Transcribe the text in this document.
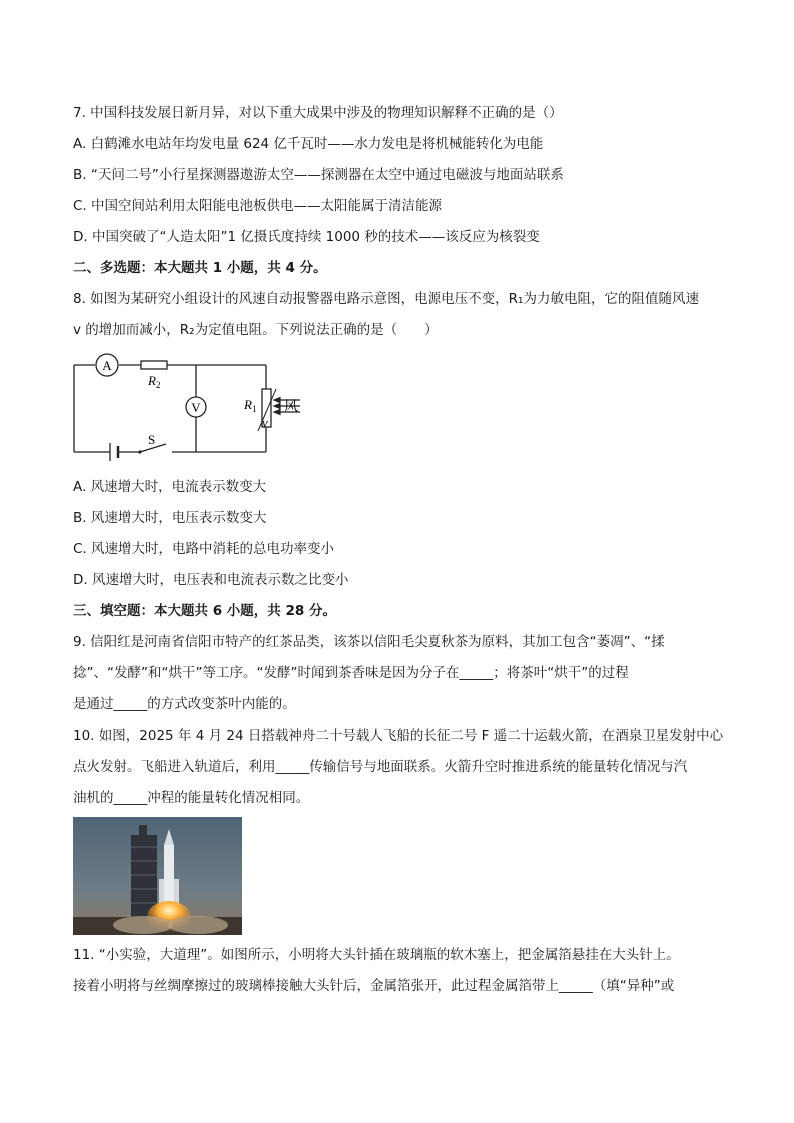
7. 中国科技发展日新月异，对以下重大成果中涉及的物理知识解释不正确的是（）
A. 白鹤滩水电站年均发电量 624 亿千瓦时——水力发电是将机械能转化为电能
B. “天问二号”小行星探测器遨游太空——探测器在太空中通过电磁波与地面站联系
C. 中国空间站利用太阳能电池板供电——太阳能属于清洁能源
D. 中国突破了“人造太阳”1 亿摄氏度持续 1000 秒的技术——该反应为核裂变
二、多选题：本大题共 1 小题，共 4 分。
8. 如图为某研究小组设计的风速自动报警器电路示意图，电源电压不变，R₁为力敏电阻，它的阻值随风速
v 的增加而减小，R₂为定值电阻。下列说法正确的是（　　）
A
$R_2$
V	$R_1$ 风
v
S
A. 风速增大时，电流表示数变大
B. 风速增大时，电压表示数变大
C. 风速增大时，电路中消耗的总电功率变小
D. 风速增大时，电压表和电流表示数之比变小
三、填空题：本大题共 6 小题，共 28 分。
9. 信阳红是河南省信阳市特产的红茶品类，该茶以信阳毛尖夏秋茶为原料，其加工包含“萎凋”、“揉
捻”、“发酵”和“烘干”等工序。“发酵”时闻到茶香味是因为分子在_____；将茶叶“烘干”的过程
是通过_____的方式改变茶叶内能的。
10. 如图，2025 年 4 月 24 日搭载神舟二十号载人飞船的长征二号 F 遥二十运载火箭，在酒泉卫星发射中心
点火发射。飞船进入轨道后，利用_____传输信号与地面联系。火箭升空时推进系统的能量转化情况与汽
油机的_____冲程的能量转化情况相同。
11. “小实验，大道理”。如图所示，小明将大头针插在玻璃瓶的软木塞上，把金属箔悬挂在大头针上。
接着小明将与丝绸摩擦过的玻璃棒接触大头针后，金属箔张开，此过程金属箔带上_____（填“异种”或
